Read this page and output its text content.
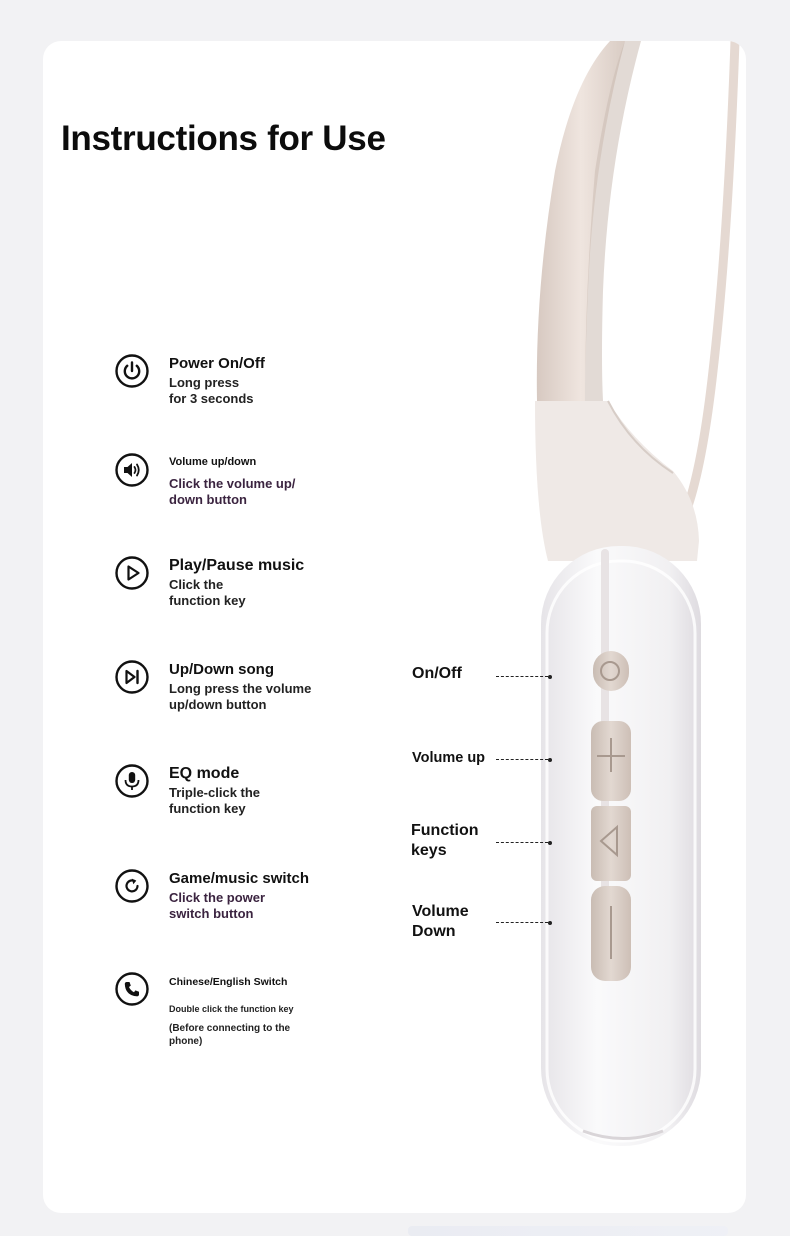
Instructions for Use
Power On/Off
Long press
for 3 seconds
Volume up/down
Click the volume up/
down button
Play/Pause music
Click the
function key
Up/Down song
Long press the volume
up/down button
EQ mode
Triple-click the
function key
Game/music switch
Click the power
switch button
Chinese/English Switch
Double click the function key
(Before connecting to the
phone)
On/Off
Volume up
Function
keys
Volume
Down
